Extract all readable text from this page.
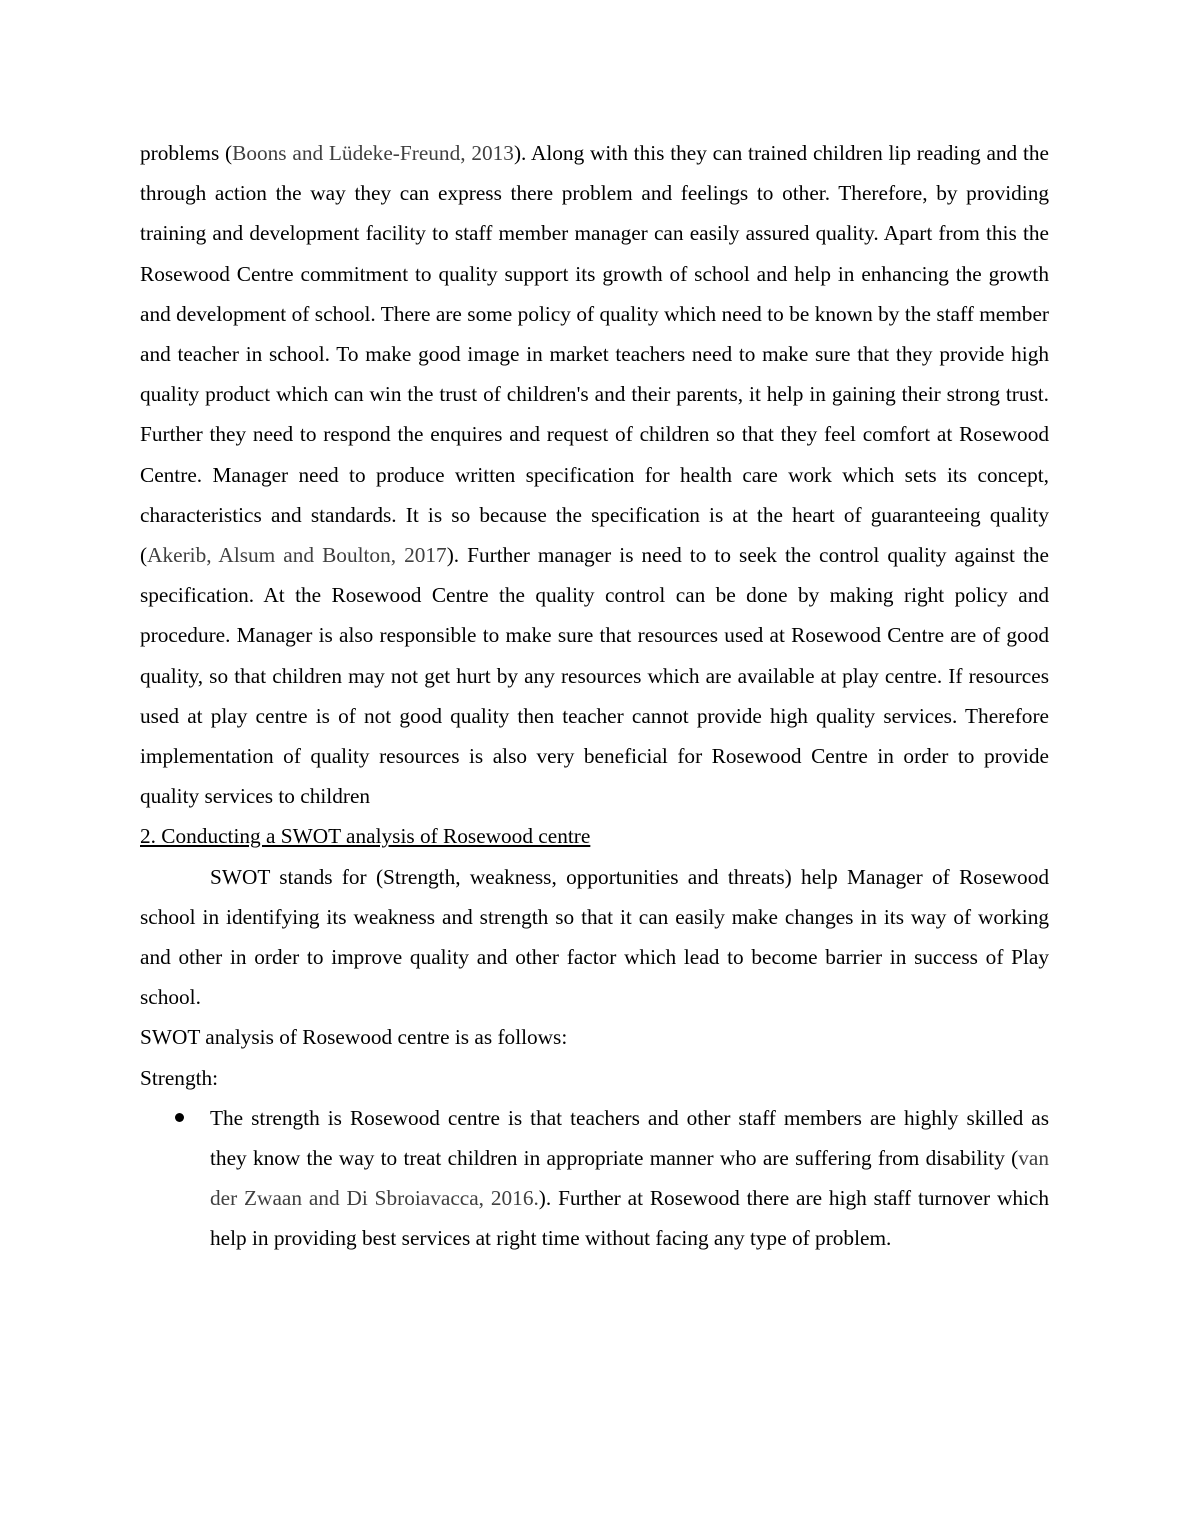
problems (Boons and Lüdeke-Freund, 2013). Along with this they can trained children lip reading and the through action the way they can express there problem and feelings to other. Therefore, by providing training and development facility to staff member manager can easily assured quality. Apart from this the Rosewood Centre commitment to quality support its growth of school and help in enhancing the growth and development of school. There are some policy of quality which need to be known by the staff member and teacher in school. To make good image in market teachers need to make sure that they provide high quality product which can win the trust of children's and their parents, it help in gaining their strong trust. Further they need to respond the enquires and request of children so that they feel comfort at Rosewood Centre. Manager need to produce written specification for health care work which sets its concept, characteristics and standards. It is so because the specification is at the heart of guaranteeing quality (Akerib, Alsum and Boulton, 2017). Further manager is need to to seek the control quality against the specification. At the Rosewood Centre the quality control can be done by making right policy and procedure. Manager is also responsible to make sure that resources used at Rosewood Centre are of good quality, so that children may not get hurt by any resources which are available at play centre. If resources used at play centre is of not good quality then teacher cannot provide high quality services. Therefore implementation of quality resources is also very beneficial for Rosewood Centre in order to provide quality services to children

2. Conducting a SWOT analysis of Rosewood centre

SWOT stands for (Strength, weakness, opportunities and threats) help Manager of Rosewood school in identifying its weakness and strength so that it can easily make changes in its way of working and other in order to improve quality and other factor which lead to become barrier in success of Play school.

SWOT analysis of Rosewood centre is as follows:

Strength:

The strength is Rosewood centre is that teachers and other staff members are highly skilled as they know the way to treat children in appropriate manner who are suffering from disability (van der Zwaan and Di Sbroiavacca, 2016.). Further at Rosewood there are high staff turnover which help in providing best services at right time without facing any type of problem.
